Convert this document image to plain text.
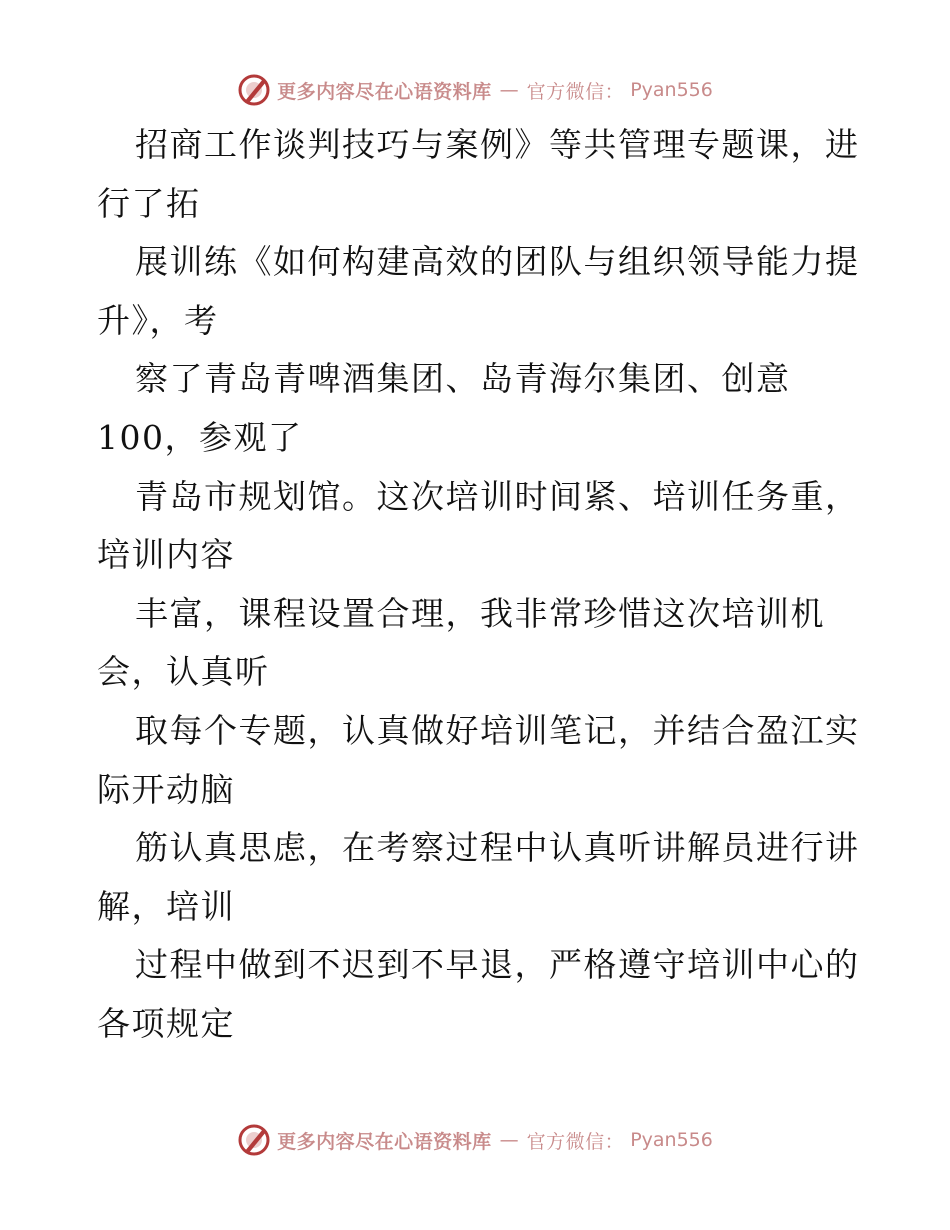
更多内容尽在心语资料库 — 官方微信： Pyan556
招商工作谈判技巧与案例》等共管理专题课，进
行了拓
展训练《如何构建高效的团队与组织领导能力提
升》，考
察了青岛青啤酒集团、岛青海尔集团、创意
100，参观了
青岛市规划馆。这次培训时间紧、培训任务重，
培训内容
丰富，课程设置合理，我非常珍惜这次培训机
会，认真听
取每个专题，认真做好培训笔记，并结合盈江实
际开动脑
筋认真思虑，在考察过程中认真听讲解员进行讲
解，培训
过程中做到不迟到不早退，严格遵守培训中心的
各项规定
更多内容尽在心语资料库 — 官方微信： Pyan556
